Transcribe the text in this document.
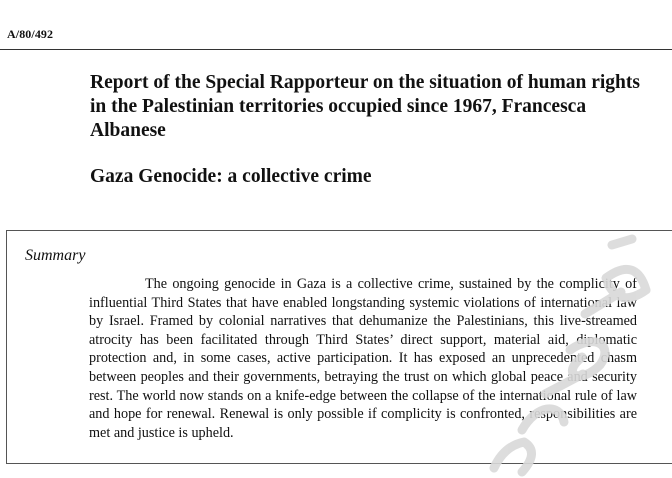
A/80/492
Report of the Special Rapporteur on the situation of human rights in the Palestinian territories occupied since 1967, Francesca Albanese
Gaza Genocide: a collective crime
Summary

The ongoing genocide in Gaza is a collective crime, sustained by the complicity of influential Third States that have enabled longstanding systemic violations of international law by Israel. Framed by colonial narratives that dehumanize the Palestinians, this live-streamed atrocity has been facilitated through Third States’ direct support, material aid, diplomatic protection and, in some cases, active participation. It has exposed an unprecedented chasm between peoples and their governments, betraying the trust on which global peace and security rest. The world now stands on a knife-edge between the collapse of the international rule of law and hope for renewal. Renewal is only possible if complicity is confronted, responsibilities are met and justice is upheld.
